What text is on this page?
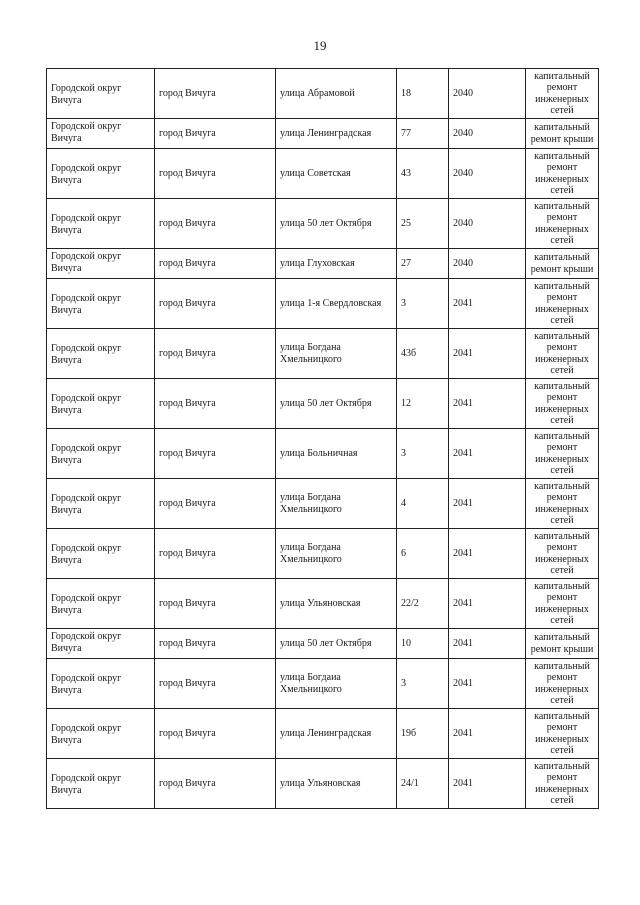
19
Городской округ Вичуга	город Вичуга	улица Абрамовой	18	2040	капитальный ремонт инженерных сетей
Городской округ Вичуга	город Вичуга	улица Ленинградская	77	2040	капитальный ремонт крыши
Городской округ Вичуга	город Вичуга	улица Советская	43	2040	капитальный ремонт инженерных сетей
Городской округ Вичуга	город Вичуга	улица 50 лет Октября	25	2040	капитальный ремонт инженерных сетей
Городской округ Вичуга	город Вичуга	улица Глуховская	27	2040	капитальный ремонт крыши
Городской округ Вичуга	город Вичуга	улица 1-я Свердловская	3	2041	капитальный ремонт инженерных сетей
Городской округ Вичуга	город Вичуга	улица Богдана Хмельницкого	43б	2041	капитальный ремонт инженерных сетей
Городской округ Вичуга	город Вичуга	улица 50 лет Октября	12	2041	капитальный ремонт инженерных сетей
Городской округ Вичуга	город Вичуга	улица Больничная	3	2041	капитальный ремонт инженерных сетей
Городской округ Вичуга	город Вичуга	улица Богдана Хмельницкого	4	2041	капитальный ремонт инженерных сетей
Городской округ Вичуга	город Вичуга	улица Богдана Хмельницкого	6	2041	капитальный ремонт инженерных сетей
Городской округ Вичуга	город Вичуга	улица Ульяновская	22/2	2041	капитальный ремонт инженерных сетей
Городской округ Вичуга	город Вичуга	улица 50 лет Октября	10	2041	капитальный ремонт крыши
Городской округ Вичуга	город Вичуга	улица Богдаиа Хмельницкого	3	2041	капитальный ремонт инженерных сетей
Городской округ Вичуга	город Вичуга	улица Ленинградская	19б	2041	капитальный ремонт инженерных сетей
Городской округ Вичуга	город Вичуга	улица Ульяновская	24/1	2041	капитальный ремонт инженерных сетей
